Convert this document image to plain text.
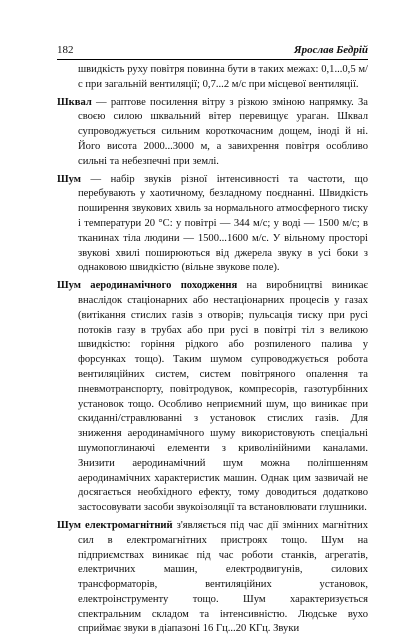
182	Ярослав Бедрій

швидкість руху повітря повинна бути в таких межах: 0,1...0,5 м/с при загальній вентиляції; 0,7...2 м/с при місцевої вентиляції.

Шквал — раптове посилення вітру з різкою зміною напрямку. За своєю силою шквальний вітер перевищує ураган. Шквал супроводжується сильним короткочасним дощем, іноді й ні. Його висота 2000...3000 м, а завихрення повітря особливо сильні та небезпечні при землі.

Шум — набір звуків різної інтенсивності та частоти, що перебувають у хаотичному, безладному поєднанні. Швидкість поширення звукових хвиль за нормального атмосферного тиску і температури 20 °С: у повітрі — 344 м/с; у воді — 1500 м/с; в тканинах тіла людини — 1500...1600 м/с. У вільному просторі звукові хвилі поширюються від джерела звуку в усі боки з однаковою швидкістю (вільне звукове поле).

Шум аеродинамічного походження на виробництві виникає внаслідок стаціонарних або нестаціонарних процесів у газах (витікання стислих газів з отворів; пульсація тиску при русі потоків газу в трубах або при русі в повітрі тіл з великою швидкістю: горіння рідкого або розпиленого палива у форсунках тощо). Таким шумом супроводжується робота вентиляційних систем, систем повітряного опалення та пневмотранспорту, повітродувок, компресорів, газотурбінних установок тощо. Особливо неприємний шум, що виникає при скиданні/стравлюванні з установок стислих газів. Для зниження аеродинамічного шуму використовують спеціальні шумопоглинаючі елементи з криволінійними каналами. Знизити аеродинамічний шум можна поліпшенням аеродинамічних характеристик машин. Однак цим зазвичай не досягається необхідного ефекту, тому доводиться додатково застосовувати засоби звукоізоляції та встановлювати глушники.

Шум електромагнітний з'являється під час дії змінних магнітних сил в електромагнітних пристроях тощо. Шум на підприємствах виникає під час роботи станків, агрегатів, електричних машин, електродвигунів, силових трансформаторів, вентиляційних установок, електроінструменту тощо. Шум характеризується спектральним складом та інтенсивністю. Людське вухо сприймає звуки в діапазоні 16 Гц...20 КГц. Звуки
